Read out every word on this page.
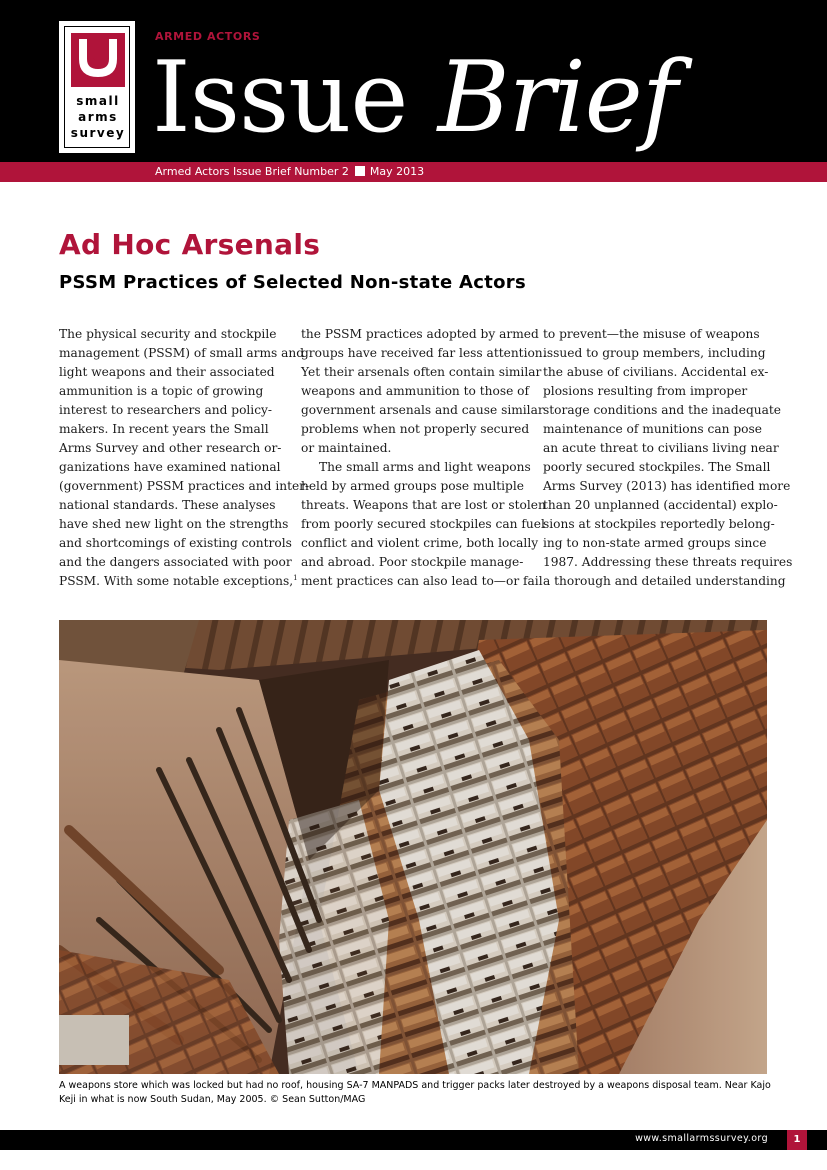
small
arms
survey
ARMED ACTORS
Issue Brief
Armed Actors Issue Brief Number 2 May 2013
Ad Hoc Arsenals
PSSM Practices of Selected Non-state Actors
The physical security and stockpile
management (PSSM) of small arms and
light weapons and their associated
ammunition is a topic of growing
interest to researchers and policy-
makers. In recent years the Small
Arms Survey and other research or-
ganizations have examined national
(government) PSSM practices and inter-
national standards. These analyses
have shed new light on the strengths
and shortcomings of existing controls
and the dangers associated with poor
PSSM. With some notable exceptions,$^1$
the PSSM practices adopted by armed
groups have received far less attention.
Yet their arsenals often contain similar
weapons and ammunition to those of
government arsenals and cause similar
problems when not properly secured
or maintained.
The small arms and light weapons
held by armed groups pose multiple
threats. Weapons that are lost or stolen
from poorly secured stockpiles can fuel
conflict and violent crime, both locally
and abroad. Poor stockpile manage-
ment practices can also lead to—or fail
to prevent—the misuse of weapons
issued to group members, including
the abuse of civilians. Accidental ex-
plosions resulting from improper
storage conditions and the inadequate
maintenance of munitions can pose
an acute threat to civilians living near
poorly secured stockpiles. The Small
Arms Survey (2013) has identified more
than 20 unplanned (accidental) explo-
sions at stockpiles reportedly belong-
ing to non-state armed groups since
1987. Addressing these threats requires
a thorough and detailed understanding
A weapons store which was locked but had no roof, housing SA-7 MANPADS and trigger packs later destroyed by a weapons disposal team. Near Kajo Keji in what is now South Sudan, May 2005. © Sean Sutton/MAG
www.smallarmssurvey.org	1
